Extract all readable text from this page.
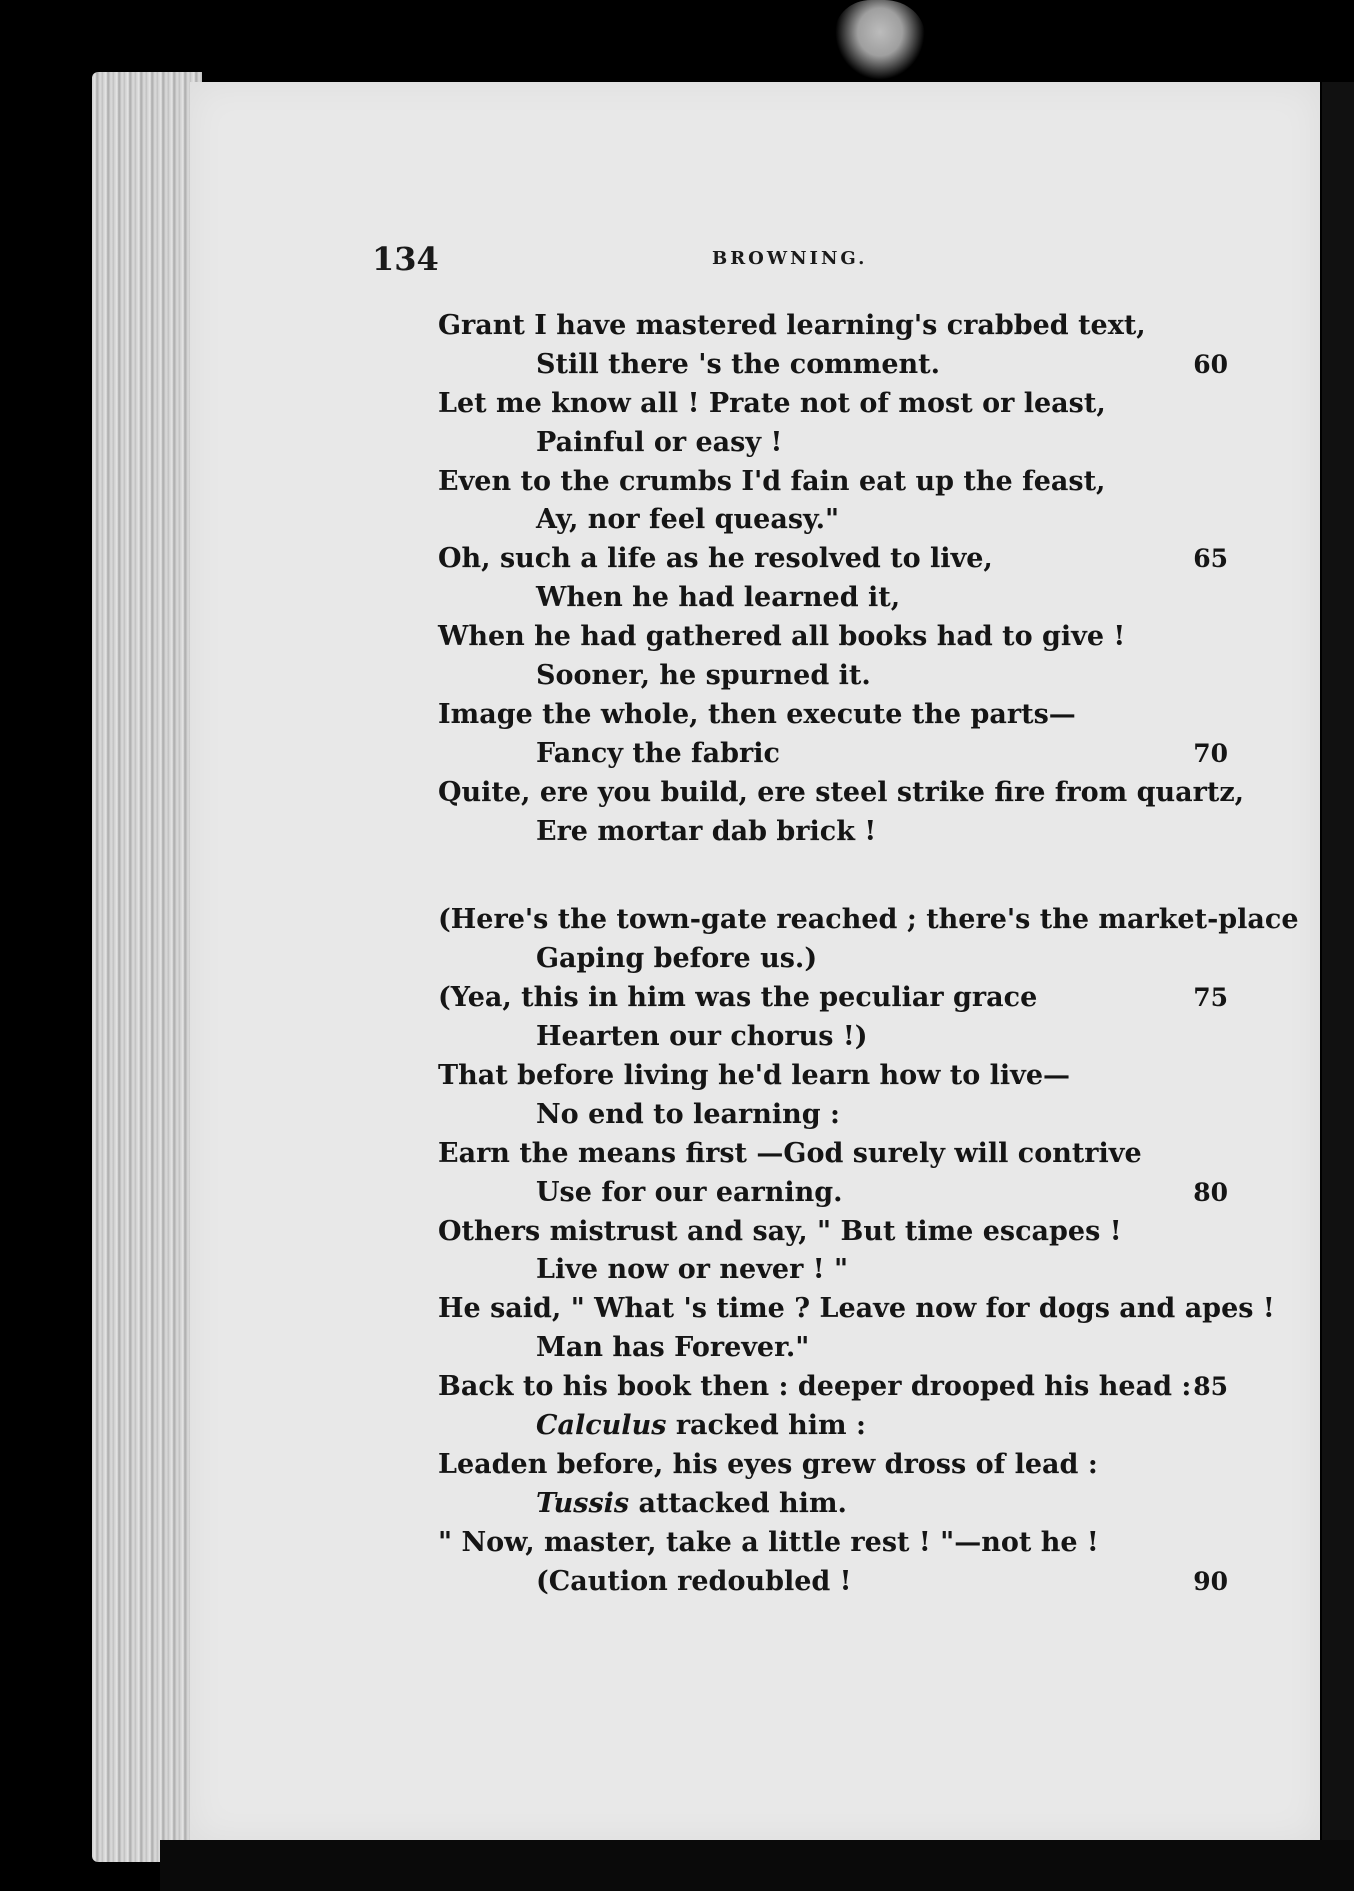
134	BROWNING.
Grant I have mastered learning's crabbed text,
Still there 's the comment.	60
Let me know all ! Prate not of most or least,
Painful or easy !
Even to the crumbs I'd fain eat up the feast,
Ay, nor feel queasy."
Oh, such a life as he resolved to live,	65
When he had learned it,
When he had gathered all books had to give !
Sooner, he spurned it.
Image the whole, then execute the parts—
Fancy the fabric	70
Quite, ere you build, ere steel strike fire from quartz,
Ere mortar dab brick !
(Here's the town-gate reached ; there's the market-place
Gaping before us.)
(Yea, this in him was the peculiar grace	75
Hearten our chorus !)
That before living he'd learn how to live—
No end to learning :
Earn the means first —God surely will contrive
Use for our earning.	80
Others mistrust and say, " But time escapes !
Live now or never ! "
He said, " What 's time ? Leave now for dogs and apes !
Man has Forever."
Back to his book then : deeper drooped his head : 85
Calculus racked him :
Leaden before, his eyes grew dross of lead :
Tussis attacked him.
" Now, master, take a little rest ! "—not he !
(Caution redoubled !	90
